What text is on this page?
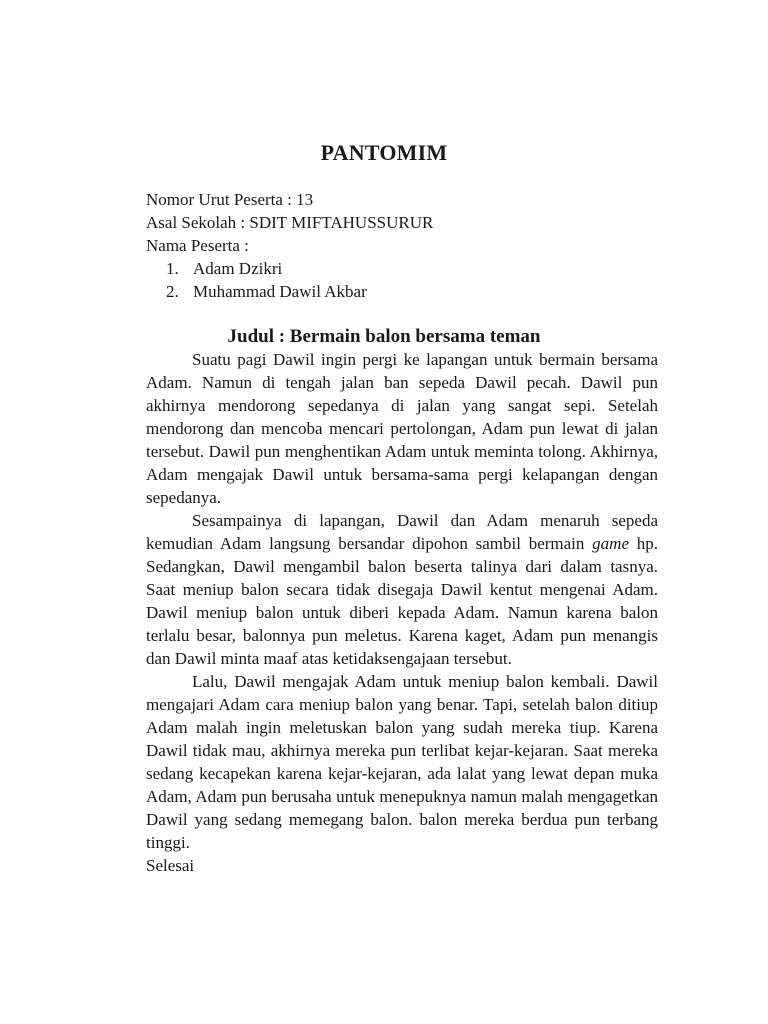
PANTOMIM
Nomor Urut Peserta : 13
Asal Sekolah : SDIT MIFTAHUSSURUR
Nama Peserta :
1. Adam Dzikri
2. Muhammad Dawil Akbar
Judul : Bermain balon bersama teman

Suatu pagi Dawil ingin pergi ke lapangan untuk bermain bersama Adam. Namun di tengah jalan ban sepeda Dawil pecah. Dawil pun akhirnya mendorong sepedanya di jalan yang sangat sepi. Setelah mendorong dan mencoba mencari pertolongan, Adam pun lewat di jalan tersebut. Dawil pun menghentikan Adam untuk meminta tolong. Akhirnya, Adam mengajak Dawil untuk bersama-sama pergi kelapangan dengan sepedanya.

Sesampainya di lapangan, Dawil dan Adam menaruh sepeda kemudian Adam langsung bersandar dipohon sambil bermain game hp. Sedangkan, Dawil mengambil balon beserta talinya dari dalam tasnya. Saat meniup balon secara tidak disegaja Dawil kentut mengenai Adam. Dawil meniup balon untuk diberi kepada Adam. Namun karena balon terlalu besar, balonnya pun meletus. Karena kaget, Adam pun menangis dan Dawil minta maaf atas ketidaksengajaan tersebut.

Lalu, Dawil mengajak Adam untuk meniup balon kembali. Dawil mengajari Adam cara meniup balon yang benar. Tapi, setelah balon ditiup Adam malah ingin meletuskan balon yang sudah mereka tiup. Karena Dawil tidak mau, akhirnya mereka pun terlibat kejar-kejaran. Saat mereka sedang kecapekan karena kejar-kejaran, ada lalat yang lewat depan muka Adam, Adam pun berusaha untuk menepuknya namun malah mengagetkan Dawil yang sedang memegang balon. balon mereka berdua pun terbang tinggi.

Selesai
